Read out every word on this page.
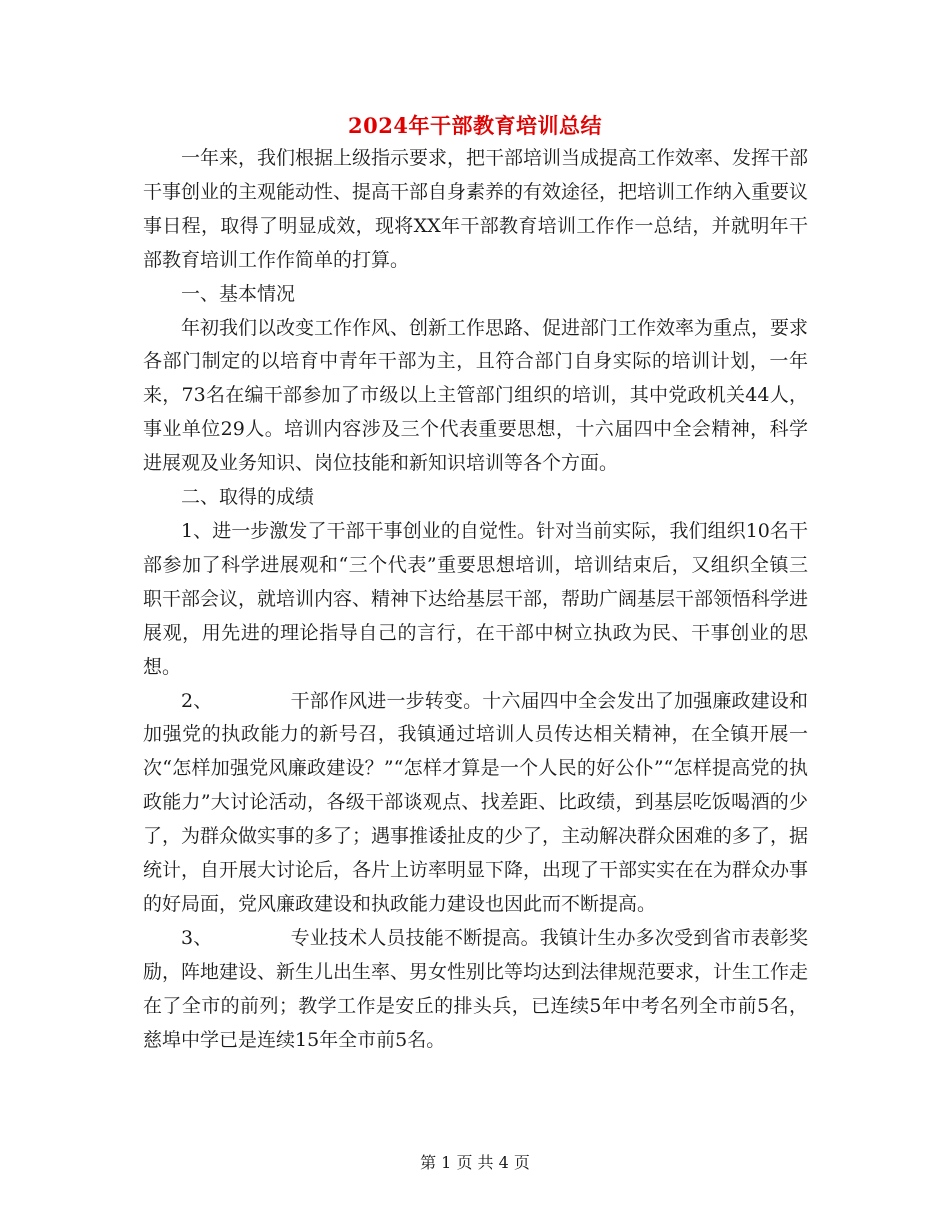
2024年干部教育培训总结

一年来，我们根据上级指示要求，把干部培训当成提高工作效率、发挥干部干事创业的主观能动性、提高干部自身素养的有效途径，把培训工作纳入重要议事日程，取得了明显成效，现将XX年干部教育培训工作作一总结，并就明年干部教育培训工作作简单的打算。

一、基本情况

年初我们以改变工作作风、创新工作思路、促进部门工作效率为重点，要求各部门制定的以培育中青年干部为主，且符合部门自身实际的培训计划，一年来，73名在编干部参加了市级以上主管部门组织的培训，其中党政机关44人，事业单位29人。培训内容涉及三个代表重要思想，十六届四中全会精神，科学进展观及业务知识、岗位技能和新知识培训等各个方面。

二、取得的成绩

1、进一步激发了干部干事创业的自觉性。针对当前实际，我们组织10名干部参加了科学进展观和“三个代表”重要思想培训，培训结束后，又组织全镇三职干部会议，就培训内容、精神下达给基层干部，帮助广阔基层干部领悟科学进展观，用先进的理论指导自己的言行，在干部中树立执政为民、干事创业的思想。

2、	干部作风进一步转变。十六届四中全会发出了加强廉政建设和加强党的执政能力的新号召，我镇通过培训人员传达相关精神，在全镇开展一次“怎样加强党风廉政建设？”“怎样才算是一个人民的好公仆”“怎样提高党的执政能力”大讨论活动，各级干部谈观点、找差距、比政绩，到基层吃饭喝酒的少了，为群众做实事的多了；遇事推诿扯皮的少了，主动解决群众困难的多了，据统计，自开展大讨论后，各片上访率明显下降，出现了干部实实在在为群众办事的好局面，党风廉政建设和执政能力建设也因此而不断提高。

3、	专业技术人员技能不断提高。我镇计生办多次受到省市表彰奖励，阵地建设、新生儿出生率、男女性别比等均达到法律规范要求，计生工作走在了全市的前列；教学工作是安丘的排头兵，已连续5年中考名列全市前5名，慈埠中学已是连续15年全市前5名。

第 1 页 共 4 页
